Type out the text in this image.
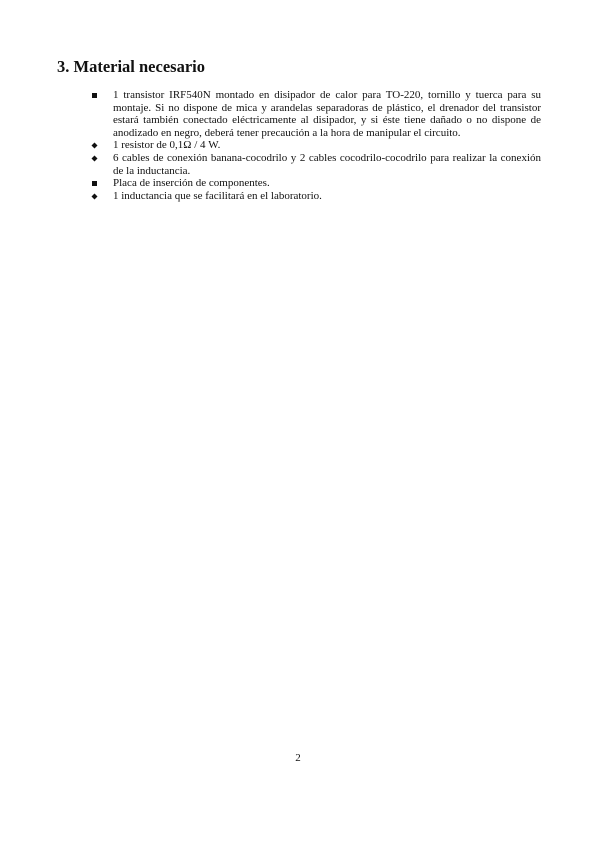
3. Material necesario
1 transistor IRF540N montado en disipador de calor para TO-220, tornillo y tuerca para su montaje. Si no dispone de mica y arandelas separadoras de plástico, el drenador del transistor estará también conectado eléctricamente al disipador, y si éste tiene dañado o no dispone de anodizado en negro, deberá tener precaución a la hora de manipular el circuito.
1 resistor de 0,1Ω / 4 W.
6 cables de conexión banana-cocodrilo y 2 cables cocodrilo-cocodrilo para realizar la conexión de la inductancia.
Placa de inserción de componentes.
1 inductancia que se facilitará en el laboratorio.
2
